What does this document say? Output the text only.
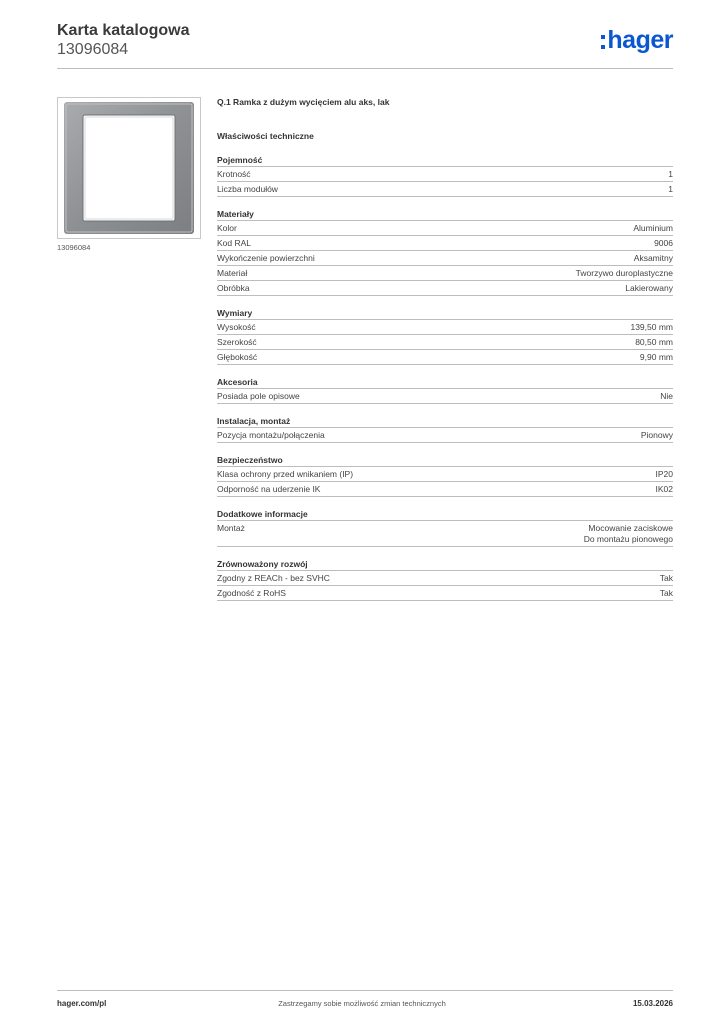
Karta katalogowa
13096084	hager
13096084
Q.1 Ramka z dużym wycięciem alu aks, lak
Właściwości techniczne
Pojemność
Krotność	1
Liczba modułów	1
Materiały
Kolor	Aluminium
Kod RAL	9006
Wykończenie powierzchni	Aksamitny
Materiał	Tworzywo duroplastyczne
Obróbka	Lakierowany
Wymiary
Wysokość	139,50 mm
Szerokość	80,50 mm
Głębokość	9,90 mm
Akcesoria
Posiada pole opisowe	Nie
Instalacja, montaż
Pozycja montażu/połączenia	Pionowy
Bezpieczeństwo
Klasa ochrony przed wnikaniem (IP)	IP20
Odporność na uderzenie IK	IK02
Dodatkowe informacje
Montaż	Mocowanie zaciskowe
Do montażu pionowego
Zrównoważony rozwój
Zgodny z REACh - bez SVHC	Tak
Zgodność z RoHS	Tak
hager.com/pl	Zastrzegamy sobie możliwość zmian technicznych	15.03.2026
